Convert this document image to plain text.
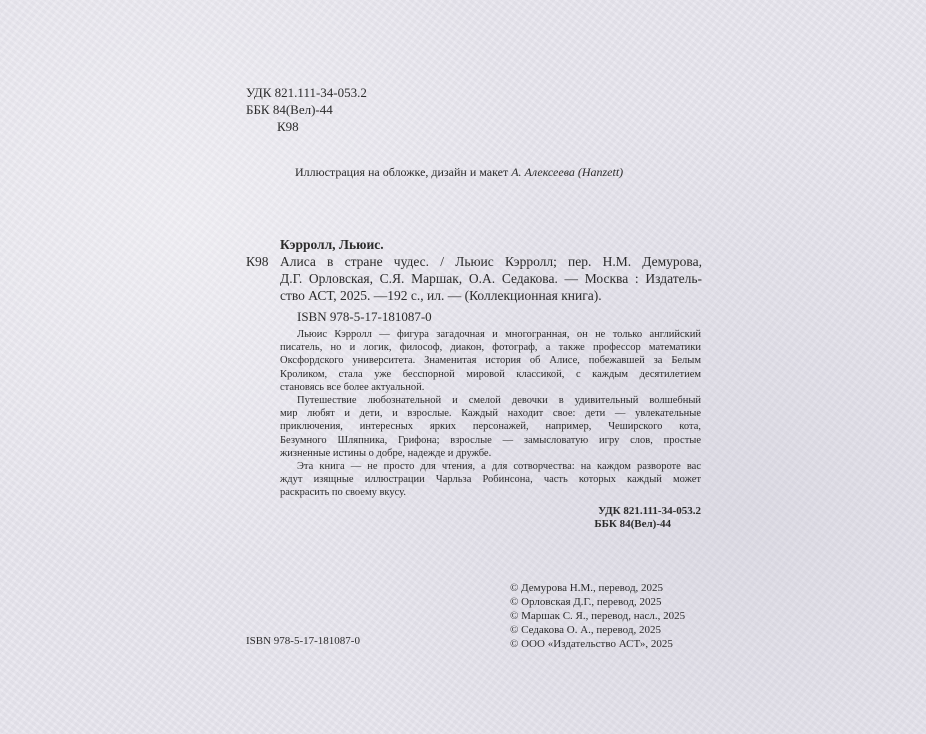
УДК 821.111-34-053.2
ББК 84(Вел)-44
К98
Иллюстрация на обложке, дизайн и макет А. Алексеева (Hanzett)
Кэрролл, Льюис.
К98 Алиса в стране чудес. / Льюис Кэрролл; пер. Н.М. Демурова,
Д.Г. Орловская, С.Я. Маршак, О.А. Седакова. — Москва : Издатель-
ство АСТ, 2025. —192 с., ил. — (Коллекционная книга).
ISBN 978-5-17-181087-0

Льюис Кэрролл — фигура загадочная и многогранная, он не только английский
писатель, но и логик, философ, диакон, фотограф, а также профессор математики
Оксфордского университета. Знаменитая история об Алисе, побежавшей за Белым
Кроликом, стала уже бесспорной мировой классикой, с каждым десятилетием
становясь все более актуальной.

Путешествие любознательной и смелой девочки в удивительный волшебный
мир любят и дети, и взрослые. Каждый находит свое: дети — увлекательные
приключения, интересных ярких персонажей, например, Чеширского кота,
Безумного Шляпника, Грифона; взрослые — замысловатую игру слов, простые
жизненные истины о добре, надежде и дружбе.

Эта книга — не просто для чтения, а для сотворчества: на каждом развороте вас
ждут изящные иллюстрации Чарльза Робинсона, часть которых каждый может
раскрасить по своему вкусу.

УДК 821.111-34-053.2
ББК 84(Вел)-44
© Демурова Н.М., перевод, 2025
© Орловская Д.Г., перевод, 2025
© Маршак С. Я., перевод, насл., 2025
© Седакова О. А., перевод, 2025
© ООО «Издательство АСТ», 2025
ISBN 978-5-17-181087-0
